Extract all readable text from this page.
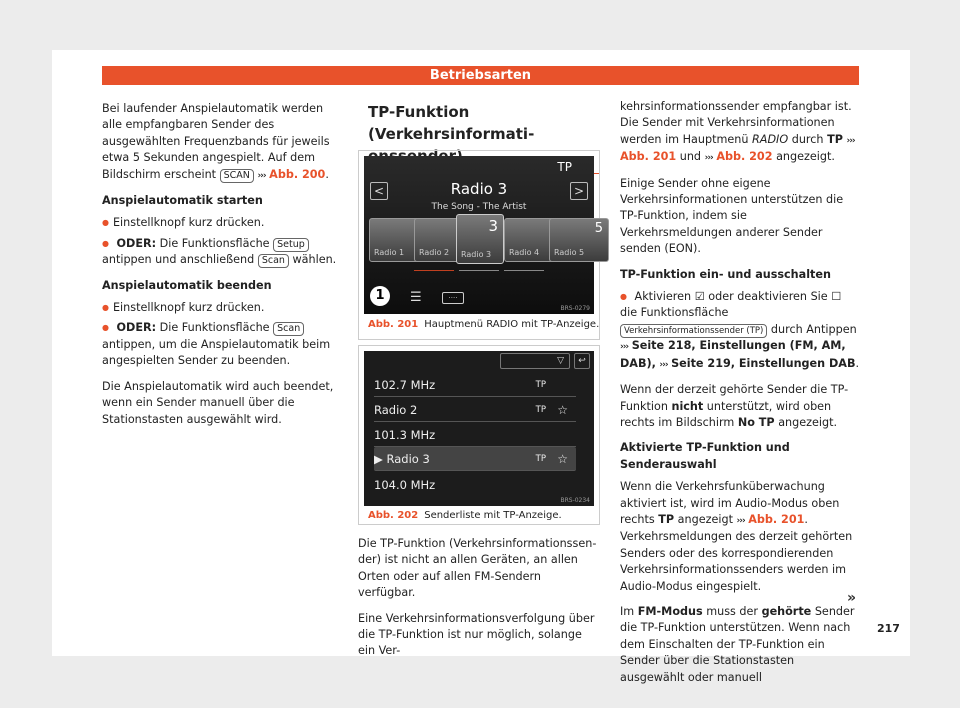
Betriebsarten

Bei laufender Anspielautomatik werden alle empfangbaren Sender des ausgewählten Frequenzbands für jeweils etwa 5 Sekunden angespielt. Auf dem Bildschirm erscheint SCAN ››› Abb. 200.

Anspielautomatik starten
● Einstellknopf kurz drücken.
● ODER: Die Funktionsfläche Setup antippen und anschließend Scan wählen.
Anspielautomatik beenden
● Einstellknopf kurz drücken.
● ODER: Die Funktionsfläche Scan antippen, um die Anspielautomatik beim angespielten Sender zu beenden.

Die Anspielautomatik wird auch beendet, wenn ein Sender manuell über die Stationstasten ausgewählt wird.

TP-Funktion (Verkehrsinformati
TP
<	>
Radio 3
The Song - The Artist
Radio 1 Radio 2	Radio 4
5
Radio 5
3
Radio 3
1	☰	····
BRS-0279
Abb. 201 Hauptmenü RADIO mit TP-Anzeige.
▽	↩
102.7 MHz	TP
Radio 2	TP ☆
101.3 MHz
▶ Radio 3	TP ☆
104.0 MHz
BRS-0234
Abb. 202 Senderliste mit TP-Anzeige.

Die TP-Funktion (Verkehrsinformationssender) ist nicht an allen Geräten, an allen Orten oder auf allen FM-Sendern verfügbar.

Eine Verkehrsinformationsverfolgung über die TP-Funktion ist nur möglich, solange ein Ver-

kehrsinformationssender empfangbar ist. Die Sender mit Verkehrsinformationen werden im Hauptmenü RADIO durch TP ››› Abb. 201 und ››› Abb. 202 angezeigt.

Einige Sender ohne eigene Verkehrsinformationen unterstützen die TP-Funktion, indem sie Verkehrsmeldungen anderer Sender senden (EON).

TP-Funktion ein- und ausschalten
● Aktivieren ☑ oder deaktivieren Sie ☐ die Funktionsfläche Verkehrsinformationssender (TP) durch Antippen ››› Seite 218, Einstellungen (FM, AM, DAB), ››› Seite 219, Einstellungen DAB.

Wenn der derzeit gehörte Sender die TP-Funktion nicht unterstützt, wird oben rechts im Bildschirm No TP angezeigt.

Aktivierte TP-Funktion und Senderauswahl

Wenn die Verkehrsfunküberwachung aktiviert ist, wird im Audio-Modus oben rechts TP angezeigt ››› Abb. 201. Verkehrsmeldungen des derzeit gehörten Senders oder des korrespondierenden Verkehrsinformationssenders werden im Audio-Modus eingespielt.

Im FM-Modus muss der gehörte Sender die TP-Funktion unterstützen. Wenn nach dem Einschalten der TP-Funktion ein Sender über die Stationstasten ausgewählt oder manuell

»
217
